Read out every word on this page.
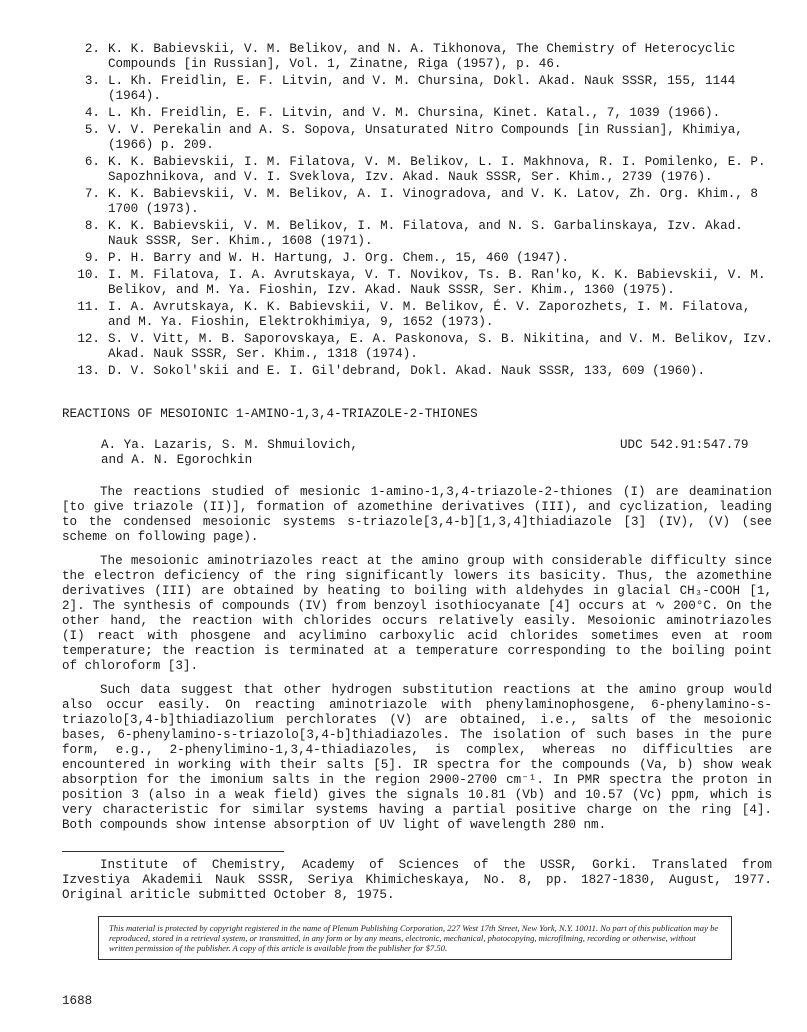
2. K. K. Babievskii, V. M. Belikov, and N. A. Tikhonova, The Chemistry of Heterocyclic
Compounds [in Russian], Vol. 1, Zinatne, Riga (1957), p. 46.
3. L. Kh. Freidlin, E. F. Litvin, and V. M. Chursina, Dokl. Akad. Nauk SSSR, 155, 1144
(1964).
4. L. Kh. Freidlin, E. F. Litvin, and V. M. Chursina, Kinet. Katal., 7, 1039 (1966).
5. V. V. Perekalin and A. S. Sopova, Unsaturated Nitro Compounds [in Russian], Khimiya,
(1966) p. 209.
6. K. K. Babievskii, I. M. Filatova, V. M. Belikov, L. I. Makhnova, R. I. Pomilenko, E. P.
Sapozhnikova, and V. I. Sveklova, Izv. Akad. Nauk SSSR, Ser. Khim., 2739 (1976).
7. K. K. Babievskii, V. M. Belikov, A. I. Vinogradova, and V. K. Latov, Zh. Org. Khim., 8
1700 (1973).
8. K. K. Babievskii, V. M. Belikov, I. M. Filatova, and N. S. Garbalinskaya, Izv. Akad.
Nauk SSSR, Ser. Khim., 1608 (1971).
9. P. H. Barry and W. H. Hartung, J. Org. Chem., 15, 460 (1947).
10. I. M. Filatova, I. A. Avrutskaya, V. T. Novikov, Ts. B. Ran'ko, K. K. Babievskii, V. M.
Belikov, and M. Ya. Fioshin, Izv. Akad. Nauk SSSR, Ser. Khim., 1360 (1975).
11. I. A. Avrutskaya, K. K. Babievskii, V. M. Belikov, É. V. Zaporozhets, I. M. Filatova,
and M. Ya. Fioshin, Elektrokhimiya, 9, 1652 (1973).
12. S. V. Vitt, M. B. Saporovskaya, E. A. Paskonova, S. B. Nikitina, and V. M. Belikov, Izv.
Akad. Nauk SSSR, Ser. Khim., 1318 (1974).
13. D. V. Sokol'skii and E. I. Gil'debrand, Dokl. Akad. Nauk SSSR, 133, 609 (1960).
REACTIONS OF MESOIONIC 1-AMINO-1,3,4-TRIAZOLE-2-THIONES
A. Ya. Lazaris, S. M. Shmuilovich,
and A. N. Egorochkin
UDC 542.91:547.79

The reactions studied of mesionic 1-amino-1,3,4-triazole-2-thiones (I) are deamination [to give triazole (II)], formation of azomethine derivatives (III), and cyclization, leading to the condensed mesoionic systems s-triazole[3,4-b][1,3,4]thiadiazole [3] (IV), (V) (see scheme on following page).

The mesoionic aminotriazoles react at the amino group with considerable difficulty since the electron deficiency of the ring significantly lowers its basicity. Thus, the azomethine derivatives (III) are obtained by heating to boiling with aldehydes in glacial CH₃-COOH [1, 2]. The synthesis of compounds (IV) from benzoyl isothiocyanate [4] occurs at ∿ 200°C. On the other hand, the reaction with chlorides occurs relatively easily. Mesoionic aminotriazoles (I) react with phosgene and acylimino carboxylic acid chlorides sometimes even at room temperature; the reaction is terminated at a temperature corresponding to the boiling point of chloroform [3].

Such data suggest that other hydrogen substitution reactions at the amino group would also occur easily. On reacting aminotriazole with phenylaminophosgene, 6-phenylamino-s-triazolo[3,4-b]thiadiazolium perchlorates (V) are obtained, i.e., salts of the mesoionic bases, 6-phenylamino-s-triazolo[3,4-b]thiadiazoles. The isolation of such bases in the pure form, e.g., 2-phenylimino-1,3,4-thiadiazoles, is complex, whereas no difficulties are encountered in working with their salts [5]. IR spectra for the compounds (Va, b) show weak absorption for the imonium salts in the region 2900-2700 cm⁻¹. In PMR spectra the proton in position 3 (also in a weak field) gives the signals 10.81 (Vb) and 10.57 (Vc) ppm, which is very characteristic for similar systems having a partial positive charge on the ring [4]. Both compounds show intense absorption of UV light of wavelength 280 nm.

Institute of Chemistry, Academy of Sciences of the USSR, Gorki. Translated from Izvestiya Akademii Nauk SSSR, Seriya Khimicheskaya, No. 8, pp. 1827-1830, August, 1977. Original ariticle submitted October 8, 1975.
This material is protected by copyright registered in the name of Plenum Publishing Corporation, 227 West 17th Street, New York, N.Y. 10011. No part of this publication may be reproduced, stored in a retrieval system, or transmitted, in any form or by any means, electronic, mechanical, photocopying, microfilming, recording or otherwise, without written permission of the publisher. A copy of this article is available from the publisher for $7.50.
1688
